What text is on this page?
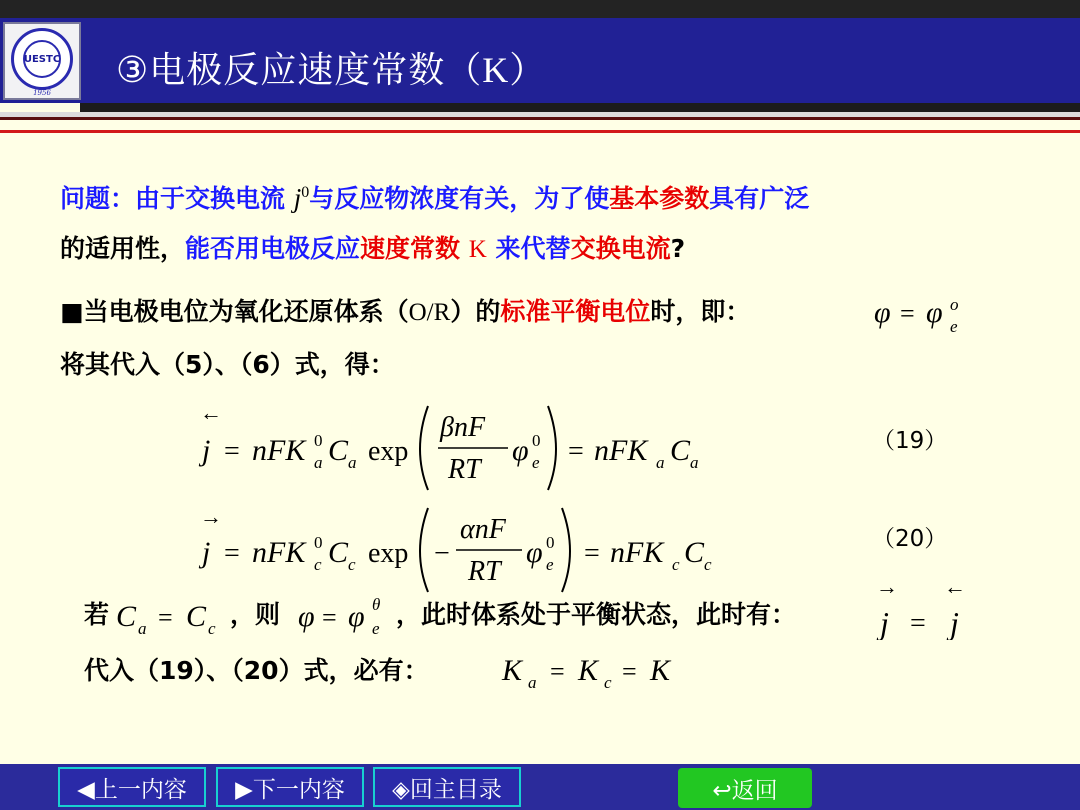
UESTC
1956
③电极反应速度常数（K）
问题：由于交换电流 $j^0$与反应物浓度有关，为了使基本参数具有广泛
的适用性，能否用电极反应速度常数 K 来代替交换电流?
■当电极电位为氧化还原体系（O/R）的标准平衡电位时，即：	φ = φ o
e
将其代入（5）、（6）式，得：
←
j = nFK 0
a C a exp
βnF
RT
φ 0
e = nFK a C a
（19）
→
j = nFK 0
c C c exp −
αnF
RT
φ 0
e = nFK c C c
（20）
若 C a = C c ，则 φ = φ θ
e ，此时体系处于平衡状态，此时有：
→
j =
←
j
代入（19）、（20）式，必有： K a = K c = K
◀上一内容	▶下一内容	◈回主目录	↩返回
